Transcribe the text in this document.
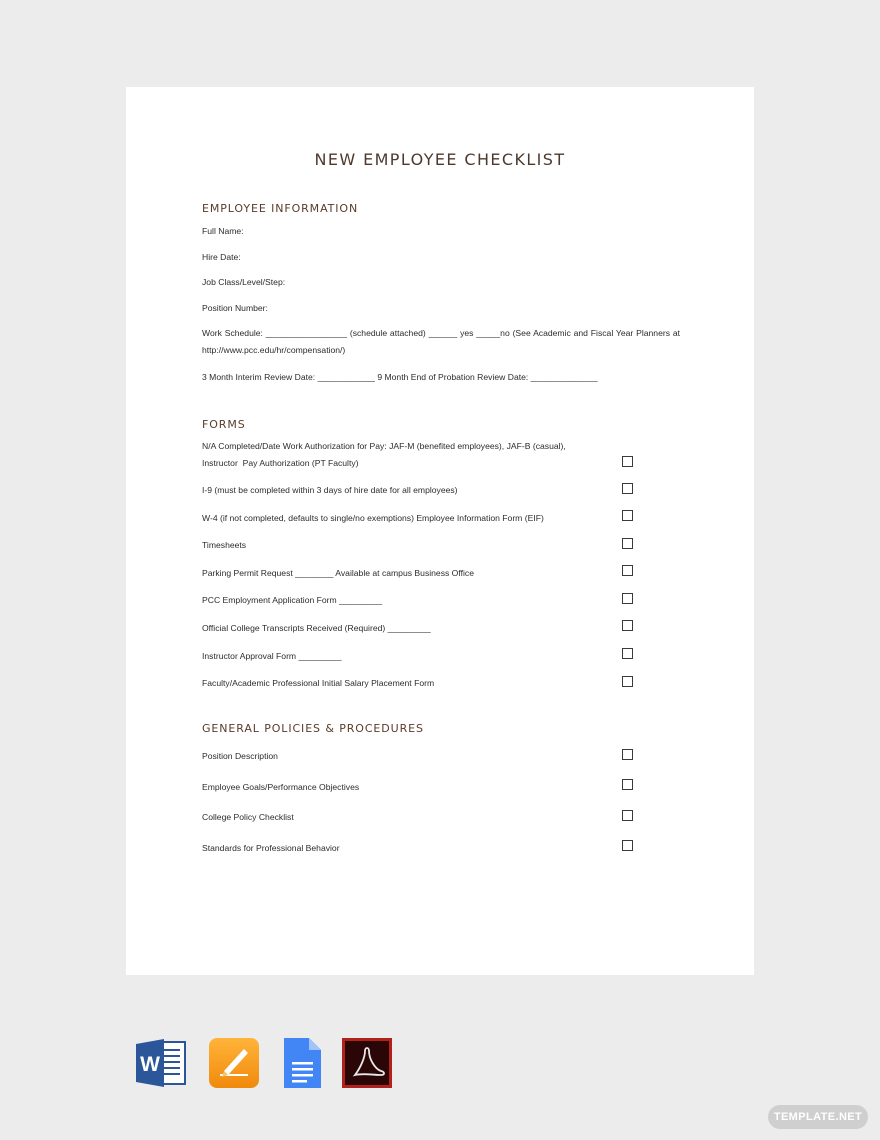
NEW EMPLOYEE CHECKLIST
EMPLOYEE INFORMATION
Full Name:
Hire Date:
Job Class/Level/Step:
Position Number:
Work Schedule: _________________ (schedule attached) ______ yes _____no (See Academic and Fiscal Year Planners at http://www.pcc.edu/hr/compensation/)
3 Month Interim Review Date: ____________ 9 Month End of Probation Review Date: ______________
FORMS
N/A Completed/Date Work Authorization for Pay: JAF-M (benefited employees), JAF-B (casual), Instructor  Pay Authorization (PT Faculty)
I-9 (must be completed within 3 days of hire date for all employees)
W-4 (if not completed, defaults to single/no exemptions) Employee Information Form (EIF)
Timesheets
Parking Permit Request ________ Available at campus Business Office
PCC Employment Application Form _________
Official College Transcripts Received (Required) _________
Instructor Approval Form _________
Faculty/Academic Professional Initial Salary Placement Form
GENERAL POLICIES & PROCEDURES
Position Description
Employee Goals/Performance Objectives
College Policy Checklist
Standards for Professional Behavior
W
TEMPLATE.NET
